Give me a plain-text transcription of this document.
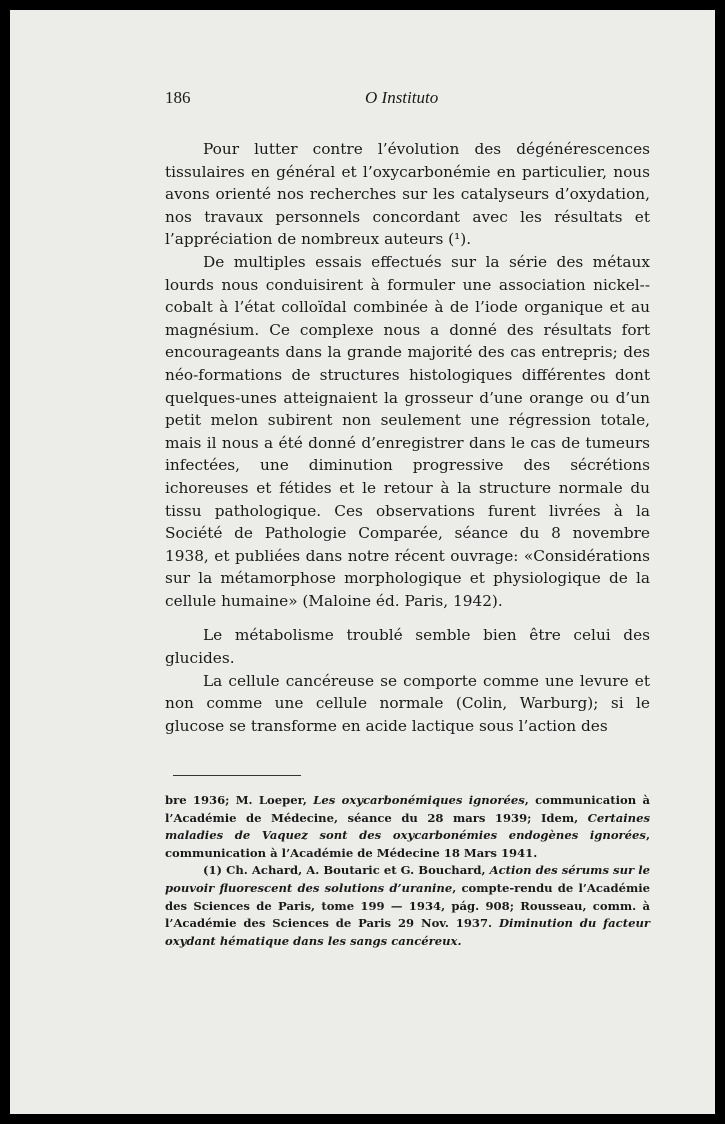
186	O Instituto

Pour lutter contre l’évolution des dégénérescences tissulaires en général et l’oxycarbonémie en particulier, nous avons orienté nos recherches sur les catalyseurs d’oxydation, nos travaux personnels concordant avec les résultats et l’appréciation de nombreux auteurs (¹).

De multiples essais effectués sur la série des métaux lourds nous conduisirent à formuler une association nickel--cobalt à l’état colloïdal combinée à de l’iode organique et au magnésium. Ce complexe nous a donné des résultats fort encourageants dans la grande majorité des cas entrepris; des néo-formations de structures histologiques différentes dont quelques-unes atteignaient la grosseur d’une orange ou d’un petit melon subirent non seulement une régression totale, mais il nous a été donné d’enregistrer dans le cas de tumeurs infectées, une diminution progressive des sécrétions ichoreuses et fétides et le retour à la structure normale du tissu pathologique. Ces observations furent livrées à la Société de Pathologie Comparée, séance du 8 novembre 1938, et publiées dans notre récent ouvrage: «Considérations sur la métamorphose morphologique et physiologique de la cellule humaine» (Maloine éd. Paris, 1942).

Le métabolisme troublé semble bien être celui des glucides.

La cellule cancéreuse se comporte comme une levure et non comme une cellule normale (Colin, Warburg); si le glucose se transforme en acide lactique sous l’action des

bre 1936; M. Loeper, Les oxycarbonémiques ignorées, communication à l’Académie de Médecine, séance du 28 mars 1939; Idem, Certaines maladies de Vaquez sont des oxycarbonémies endogènes ignorées, communication à l’Académie de Médecine 18 Mars 1941.

(1) Ch. Achard, A. Boutaric et G. Bouchard, Action des sérums sur le pouvoir fluorescent des solutions d’uranine, compte-rendu de l’Académie des Sciences de Paris, tome 199 — 1934, pág. 908; Rousseau, comm. à l’Académie des Sciences de Paris 29 Nov. 1937. Diminution du facteur oxydant hématique dans les sangs cancéreux.
